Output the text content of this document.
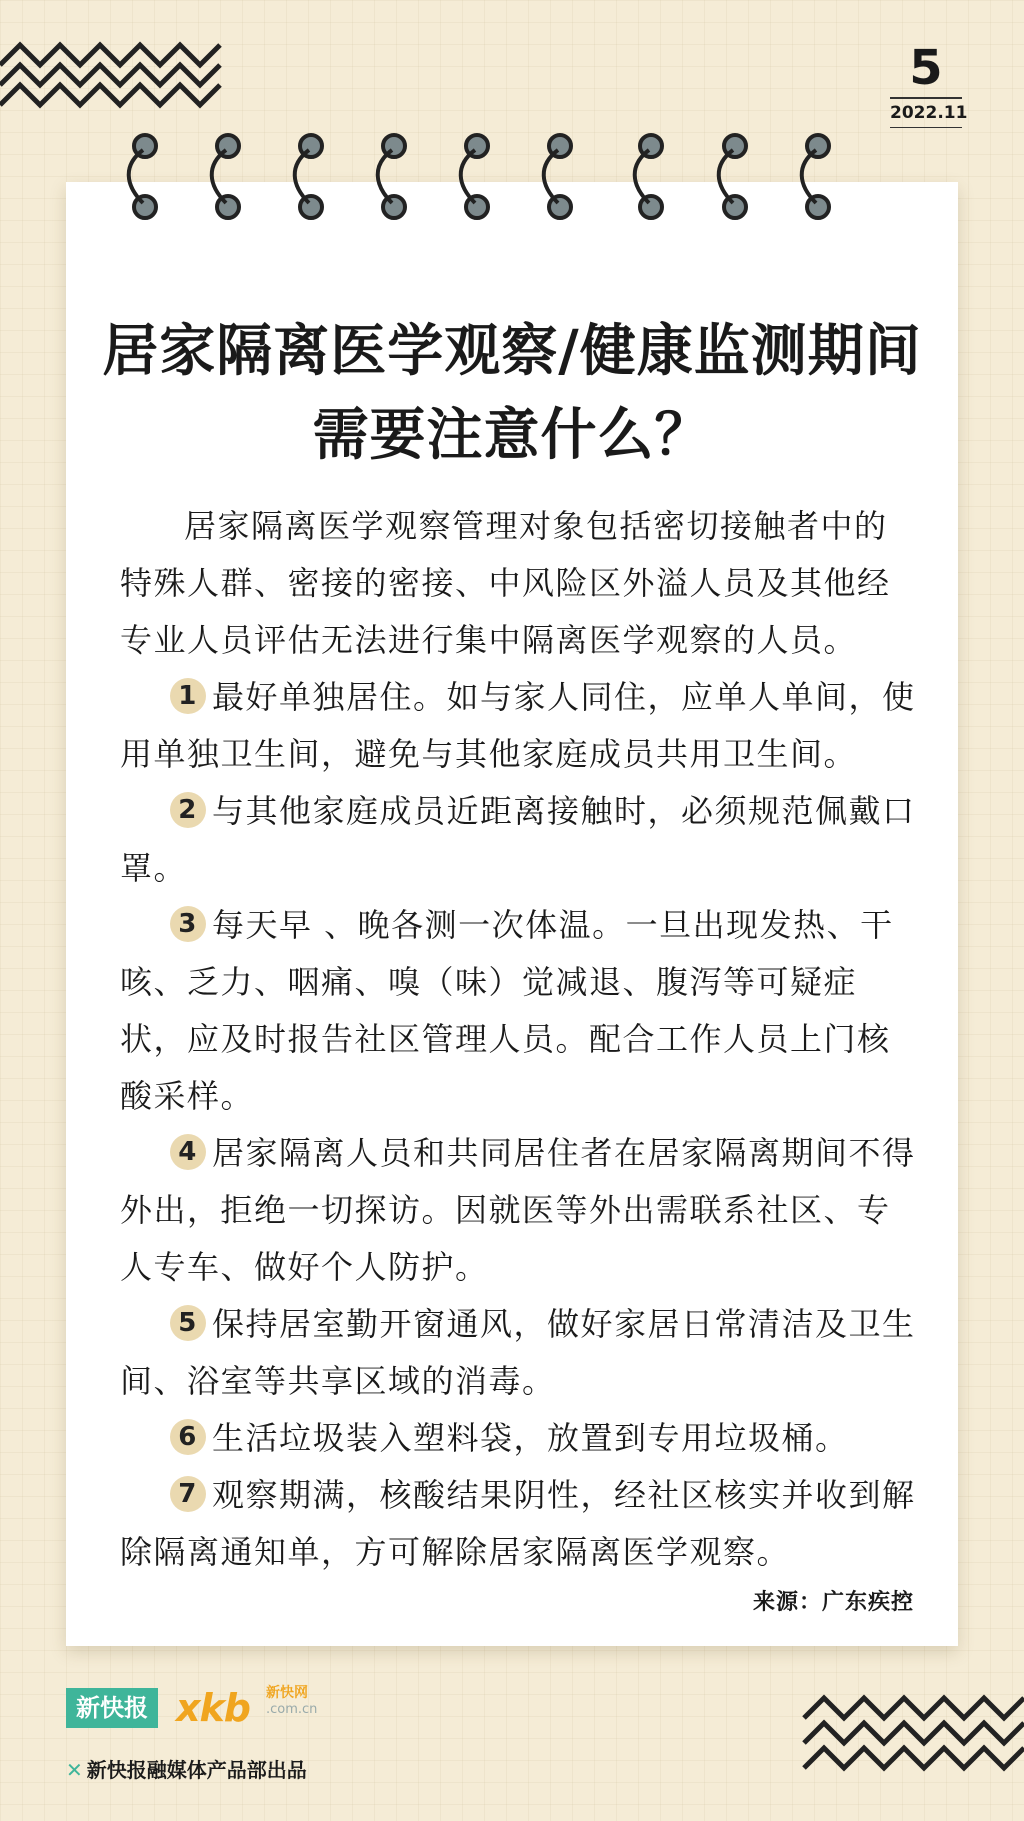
5
2022.11
居家隔离医学观察/健康监测期间
需要注意什么？

居家隔离医学观察管理对象包括密切接触者中的特殊人群、密接的密接、中风险区外溢人员及其他经专业人员评估无法进行集中隔离医学观察的人员。

1 最好单独居住。如与家人同住，应单人单间，使用单独卫生间，避免与其他家庭成员共用卫生间。

2 与其他家庭成员近距离接触时，必须规范佩戴口罩。

3 每天早 、晚各测一次体温。一旦出现发热、干咳、乏力、咽痛、嗅（味）觉减退、腹泻等可疑症状，应及时报告社区管理人员。配合工作人员上门核酸采样。

4 居家隔离人员和共同居住者在居家隔离期间不得外出，拒绝一切探访。因就医等外出需联系社区、专人专车、做好个人防护。

5 保持居室勤开窗通风，做好家居日常清洁及卫生间、浴室等共享区域的消毒。

6 生活垃圾装入塑料袋，放置到专用垃圾桶。

7 观察期满，核酸结果阴性，经社区核实并收到解除隔离通知单，方可解除居家隔离医学观察。

来源：广东疾控
新快报 xkb 新快网
.com.cn
✕ 新快报融媒体产品部出品
